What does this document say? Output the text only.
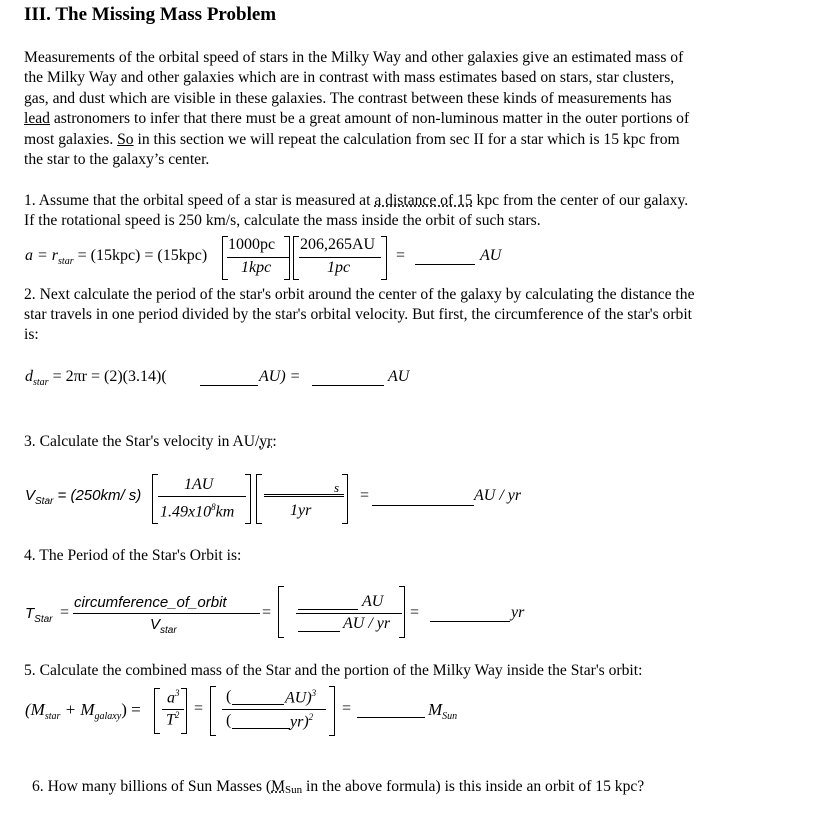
III. The Missing Mass Problem
Measurements of the orbital speed of stars in the Milky Way and other galaxies give an estimated mass of
the Milky Way and other galaxies which are in contrast with mass estimates based on stars, star clusters,
gas, and dust which are visible in these galaxies. The contrast between these kinds of measurements has
lead astronomers to infer that there must be a great amount of non-luminous matter in the outer portions of
most galaxies. So in this section we will repeat the calculation from sec II for a star which is 15 kpc from
the star to the galaxy’s center.
1. Assume that the orbital speed of a star is measured at a distance of 15 kpc from the center of our galaxy.
If the rotational speed is 250 km/s, calculate the mass inside the orbit of such stars.
$a = r_{star} = (15kpc) = (15kpc)$
1000pc
1kpc
206,265AU
1pc
=	AU
2. Next calculate the period of the star's orbit around the center of the galaxy by calculating the distance the
star travels in one period divided by the star's orbital velocity. But first, the circumference of the star's orbit
is:
$d_{star} = 2\pi r = (2)(3.14)$(	AU) =	AU
3. Calculate the Star's velocity in AU/yr:
$V_{Star} = (250km/$ s)
1AU
$1.49x10^8km$
s
1yr
=	AU / yr
4. The Period of the Star's Orbit is:
$T_{Star}$ =
circumference_of_orbit
$V_{star}$
=
AU
AU / yr
=	yr
5. Calculate the combined mass of the Star and the portion of the Milky Way inside the Star's orbit:
$(M_{star} + M_{galaxy})$ =
$a^3$
$T^2$ =
(	AU)$^3$
(	yr)$^2$ =	$M_{Sun}$
6. How many billions of Sun Masses (MSun in the above formula) is this inside an orbit of 15 kpc?
